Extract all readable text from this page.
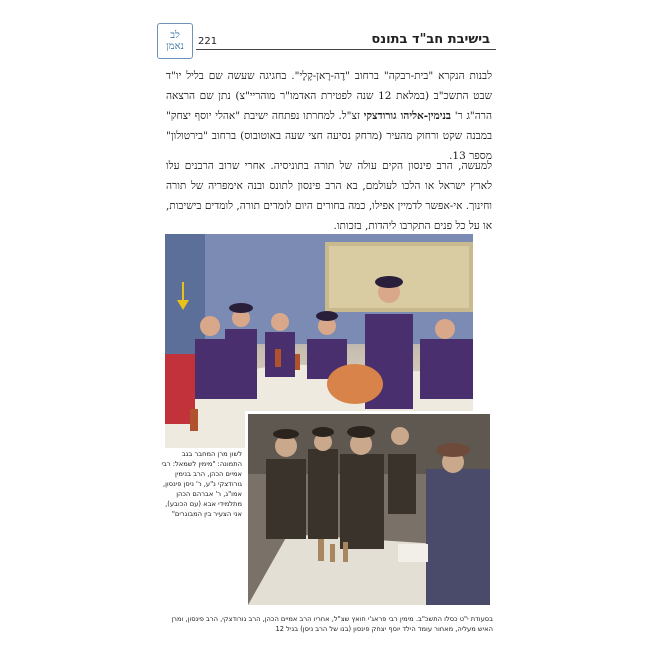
לב
נאמן 221	בישיבת חב"ד בתונס
לבנות הנקרא "בית-רבקה" ברחוב "דֶה-רָאן-קָלֶי". בחגיגה שעשה שם בליל יו"ד שבט התשכ"ב (במלאת 12 שנה לפטירת האדמו"ר מוהריי"צ) נתן שם הרצאה הרה"ג ר' בנימין-אליהו גורודצקי זצ"ל. למחרתו נפתחה ישיבת "אהלי יוסף יצחק" במבנה שקט ורחוק מהעיר (מרחק נסיעה חצי שעה באוטובוס) ברחוב "בירטולון" מספר 13.
למעשה, הרב פינסון הקים עולה של תורה בתוניסיה. אחרי שרוב הרבנים עלו לארץ ישראל או הלכו לעולמם, בא הרב פינסון לתונס ובנה אימפריה של תורה וחינוך. אי-אפשר לדמיין אפילו, כמה בחורים היום לומדים תורה, לומדים בישיבות, או על כל פנים התקרבו ליהדות, בזכותו.
לשון מרן המחבר בגב התמונה: "מימין לשמאל: רבי אמיים הכהן, הרב בנימין גורודצקי נ"ע, ר' ניסן פינסון, אמו"ג, ר' אברהם הכהן מתלמידי אבא (עם הכובע), אני הצעיר בין המבוגרים"
בסעודת י"ט כסלו התשכ"ב. מימין רבי פראג'י חואץ שצ"ל, אחריו הרב אמיים הכהן, הרב גורודצקי, הרב פינסון, ומרן האיש מעליה, מאחור עומד הילד יוסף יצחק פינסון (בנו של הרב ניסן) בגיל 12
